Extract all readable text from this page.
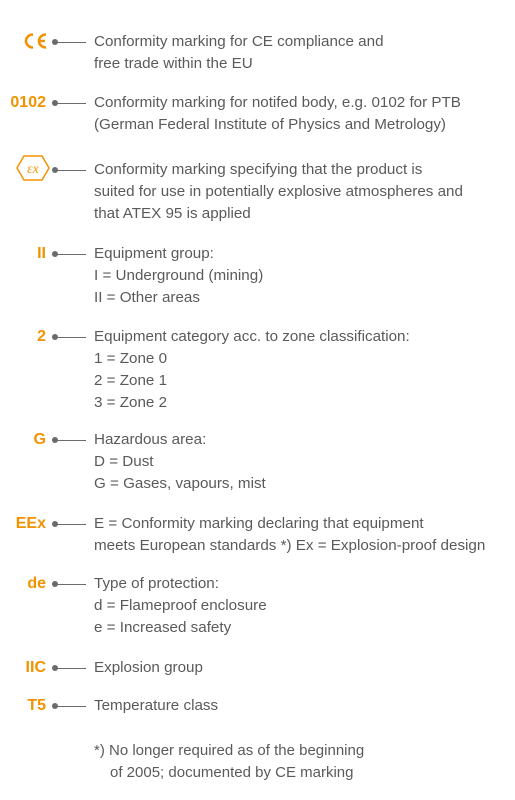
Conformity marking for CE compliance and
free trade within the EU
0102	Conformity marking for notifed body, e.g. 0102 for PTB
(German Federal Institute of Physics and Metrology)
εx	Conformity marking specifying that the product is
suited for use in potentially explosive atmospheres and
that ATEX 95 is applied
II	Equipment group:
I = Underground (mining)
II = Other areas
2	Equipment category acc. to zone classification:
1 = Zone 0
2 = Zone 1
3 = Zone 2
G	Hazardous area:
D = Dust
G = Gases, vapours, mist
EEx	E = Conformity marking declaring that equipment
meets European standards *) Ex = Explosion-proof design
de	Type of protection:
d = Flameproof enclosure
e = Increased safety
IIC	Explosion group
T5	Temperature class
*) No longer required as of the beginning
of 2005; documented by CE marking
